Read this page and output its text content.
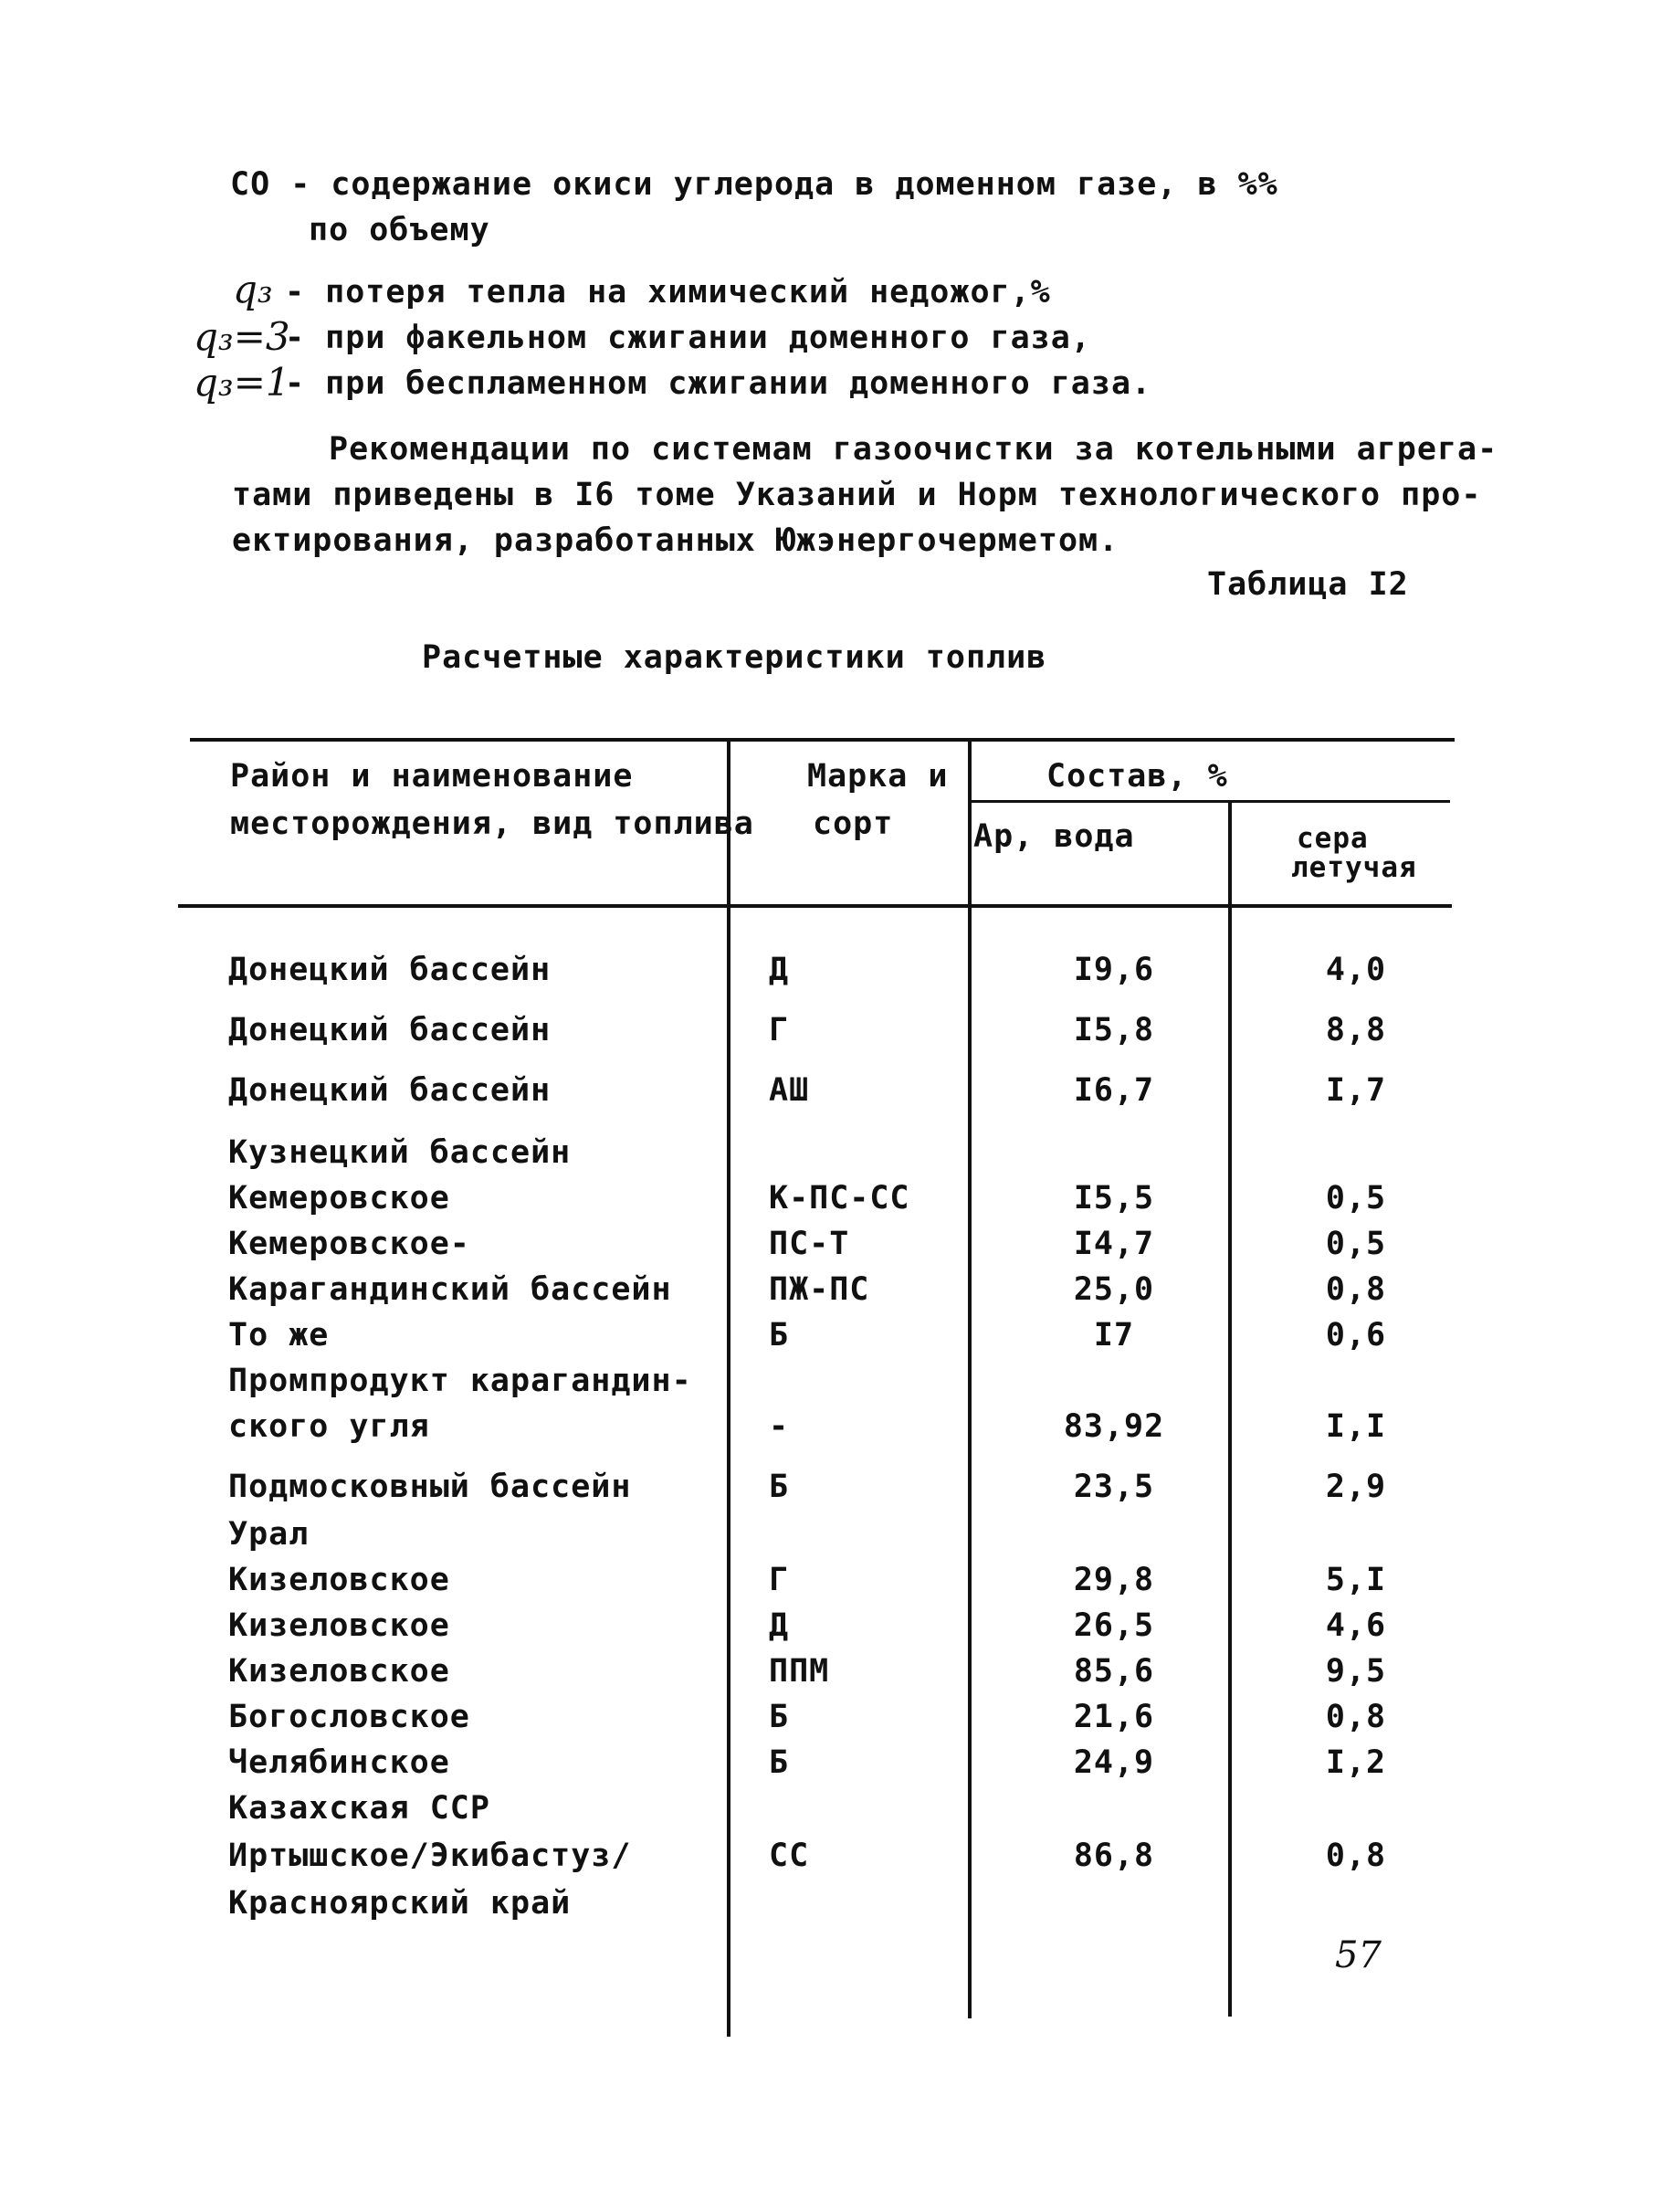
СО - содержание окиси углерода в доменном газе, в %%
по объему
q₃ - потеря тепла на химический недожог,%
q₃=3
- при факельном сжигании доменного газа,
q₃=1
- при беспламенном сжигании доменного газа.
Рекомендации по системам газоочистки за котельными агрега-
тами приведены в I6 томе Указаний и Норм технологического про-
ектирования, разработанных Южэнергочерметом.
Таблица I2
Расчетные характеристики топлив
Район и наименование
месторождения, вид топлива
Марка и
сорт
Состав, %
Ар, вода	сера
летучая
Донецкий бассейн	Д	I9,6	4,0
Донецкий бассейн	Г	I5,8	8,8
Донецкий бассейн	АШ	I6,7	I,7
Кузнецкий бассейн
Кемеровское	К-ПС-СС	I5,5	0,5
Кемеровское-	ПС-Т	I4,7	0,5
Карагандинский бассейн	ПЖ-ПС	25,0	0,8
То же	Б	I7	0,6
Промпродукт карагандин-
ского угля	-	83,92	I,I
Подмосковный бассейн	Б	23,5	2,9
Урал
Кизеловское	Г	29,8	5,I
Кизеловское	Д	26,5	4,6
Кизеловское	ППМ	85,6	9,5
Богословское	Б	21,6	0,8
Челябинское	Б	24,9	I,2
Казахская ССР
Иртышское/Экибастуз/	СС	86,8	0,8
Красноярский край
57
